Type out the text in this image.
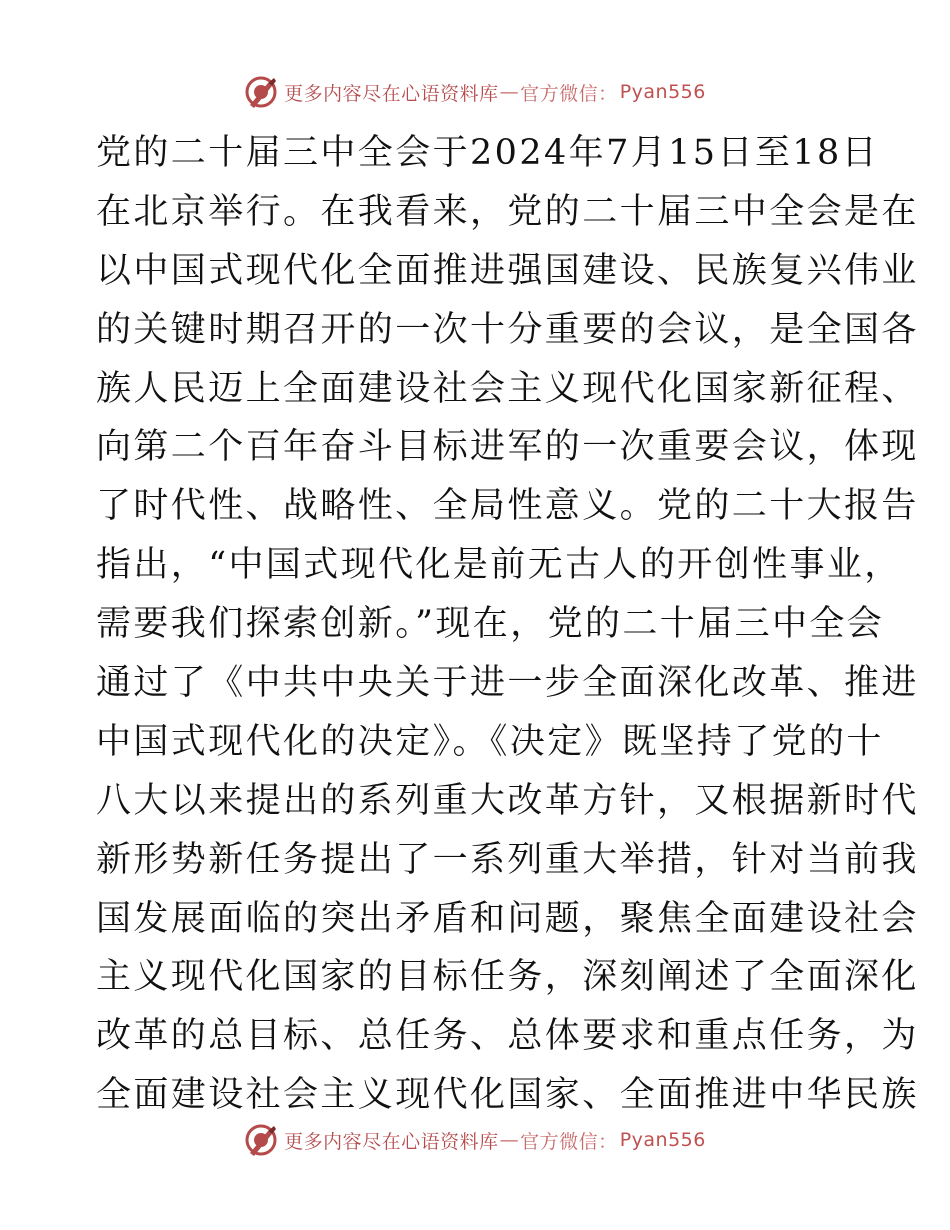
更多内容尽在心语资料库 — 官方微信： Pyan556
党的二十届三中全会于2024年7月15日至18日
在北京举行。在我看来，党的二十届三中全会是在
以中国式现代化全面推进强国建设、民族复兴伟业
的关键时期召开的一次十分重要的会议，是全国各
族人民迈上全面建设社会主义现代化国家新征程、
向第二个百年奋斗目标进军的一次重要会议，体现
了时代性、战略性、全局性意义。党的二十大报告
指出，“中国式现代化是前无古人的开创性事业，
需要我们探索创新。”现在，党的二十届三中全会
通过了《中共中央关于进一步全面深化改革、推进
中国式现代化的决定》。《决定》既坚持了党的十
八大以来提出的系列重大改革方针，又根据新时代
新形势新任务提出了一系列重大举措，针对当前我
国发展面临的突出矛盾和问题，聚焦全面建设社会
主义现代化国家的目标任务，深刻阐述了全面深化
改革的总目标、总任务、总体要求和重点任务，为
全面建设社会主义现代化国家、全面推进中华民族
更多内容尽在心语资料库 — 官方微信： Pyan556
